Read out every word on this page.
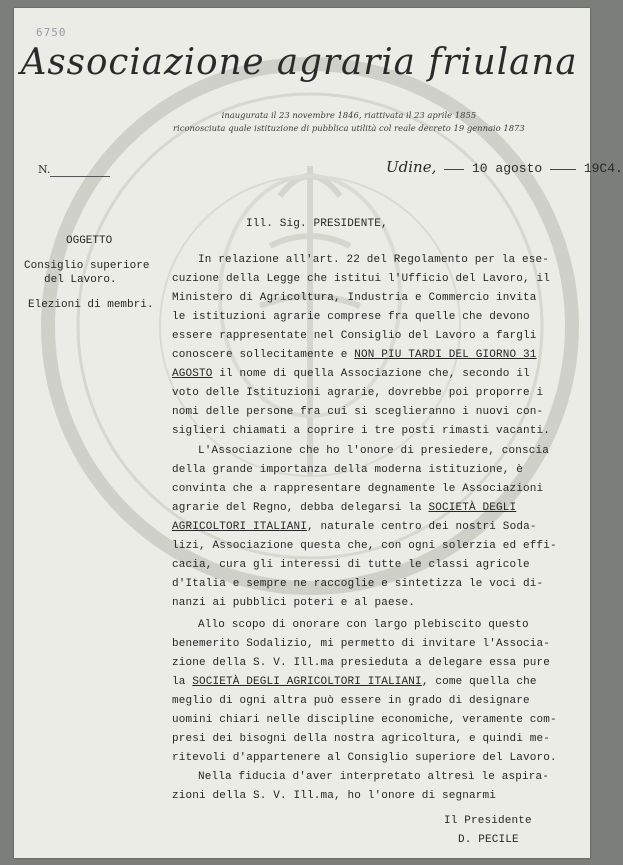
6750
Associazione agraria friulana
inaugurata il 23 novembre 1846, riattivata il 23 aprile 1855
riconosciuta quale istituzione di pubblica utilità col reale decreto 19 gennaio 1873
N.	Udine,	10 agosto	19C4.
OGGETTO
Consiglio superiore
del Lavoro.
Elezioni di membri.
Ill. Sig. PRESIDENTE,
In relazione all'art. 22 del Regolamento per la ese-
cuzione della Legge che istitui l'Ufficio del Lavoro, il
Ministero di Agricoltura, Industria e Commercio invita
le istituzioni agrarie comprese fra quelle che devono
essere rappresentate nel Consiglio del Lavoro a fargli
conoscere sollecitamente e NON PIU TARDI DEL GIORNO 31
AGOSTO il nome di quella Associazione che, secondo il
voto delle Istituzioni agrarie, dovrebbe poi proporre i
nomi delle persone fra cui si sceglieranno i nuovi con-
siglieri chiamati a coprire i tre posti rimasti vacanti.
L'Associazione che ho l'onore di presiedere, conscia
della grande importanza della moderna istituzione, è
convinta che a rappresentare degnamente le Associazioni
agrarie del Regno, debba delegarsi la SOCIETÀ DEGLI
AGRICOLTORI ITALIANI, naturale centro dei nostri Soda-
lizi, Associazione questa che, con ogni solerzia ed effi-
cacia, cura gli interessi di tutte le classi agricole
d'Italia e sempre ne raccoglie e sintetizza le voci di-
nanzi ai pubblici poteri e al paese.
Allo scopo di onorare con largo plebiscito questo
benemerito Sodalizio, mi permetto di invitare l'Associa-
zione della S. V. Ill.ma presieduta a delegare essa pure
la SOCIETÀ DEGLI AGRICOLTORI ITALIANI, come quella che
meglio di ogni altra può essere in grado di designare
uomini chiari nelle discipline economiche, veramente com-
presi dei bisogni della nostra agricoltura, e quindi me-
ritevoli d'appartenere al Consiglio superiore del Lavoro.
Nella fiducia d'aver interpretato altresì le aspira-
zioni della S. V. Ill.ma, ho l'onore di segnarmi
Il Presidente
D. PECILE
